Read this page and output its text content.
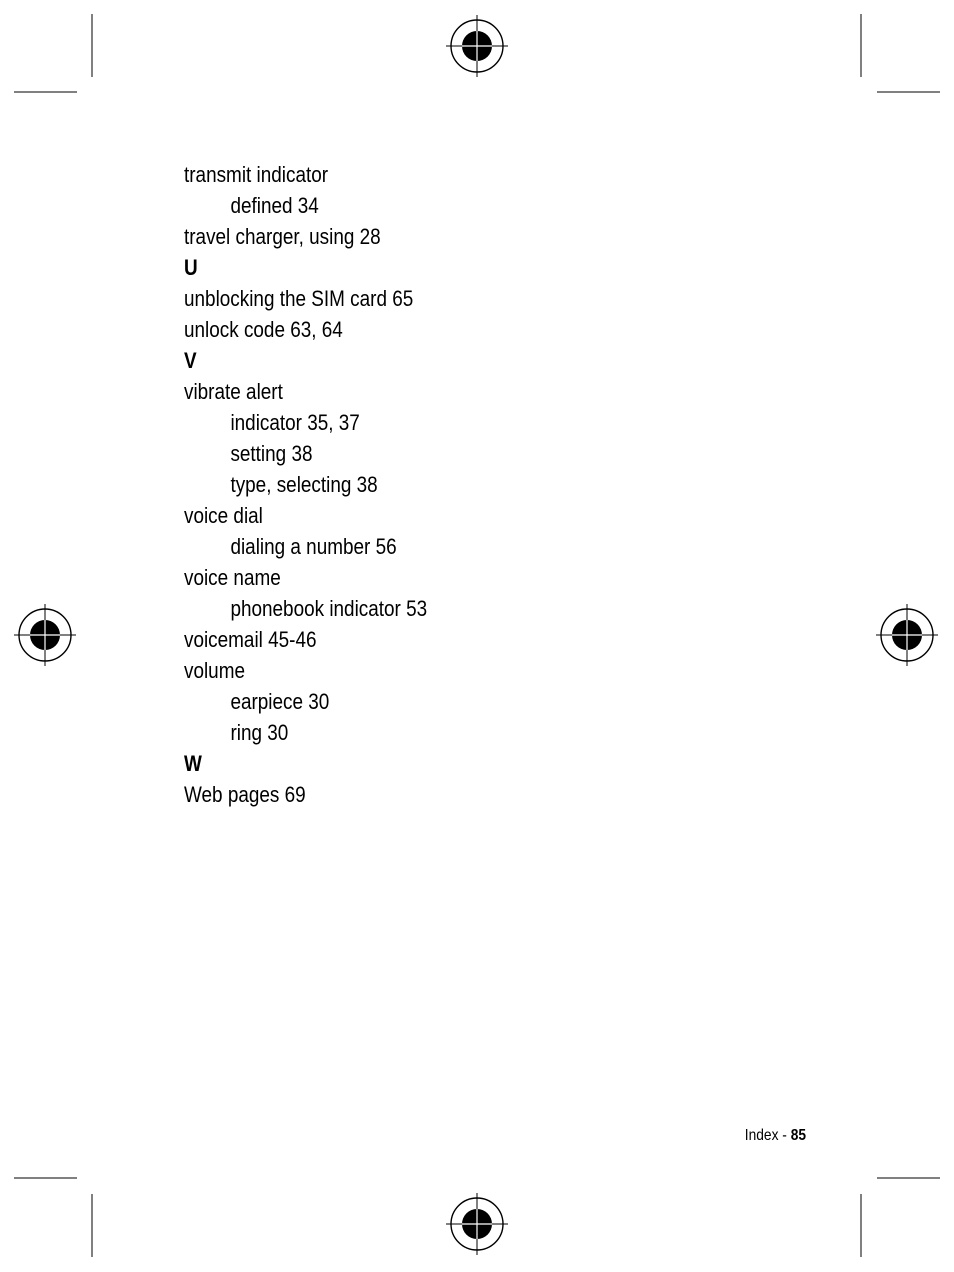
transmit indicator
defined 34
travel charger, using 28
U
unblocking the SIM card 65
unlock code 63, 64
V
vibrate alert
indicator 35, 37
setting 38
type, selecting 38
voice dial
dialing a number 56
voice name
phonebook indicator 53
voicemail 45-46
volume
earpiece 30
ring 30
W
Web pages 69
Index - 85
